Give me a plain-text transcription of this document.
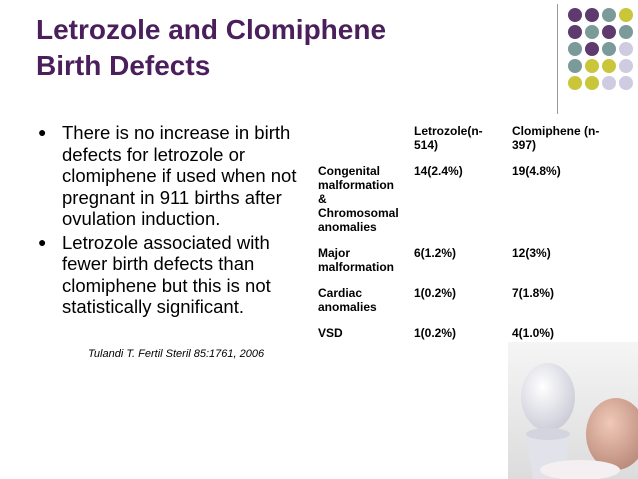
Letrozole and Clomiphene
Birth Defects
● There is no increase in birth defects for letrozole or clomiphene if used when not pregnant in 911 births after ovulation induction.
● Letrozole associated with fewer birth defects than clomiphene but this is not statistically significant.
Tulandi T. Fertil Steril 85:1761, 2006
	Letrozole(n-514)	Clomiphene (n-397)
Congenital malformation & Chromosomal anomalies	14(2.4%)	19(4.8%)
Major malformation	6(1.2%)	12(3%)
Cardiac anomalies	1(0.2%)	7(1.8%)
VSD	1(0.2%)	4(1.0%)
